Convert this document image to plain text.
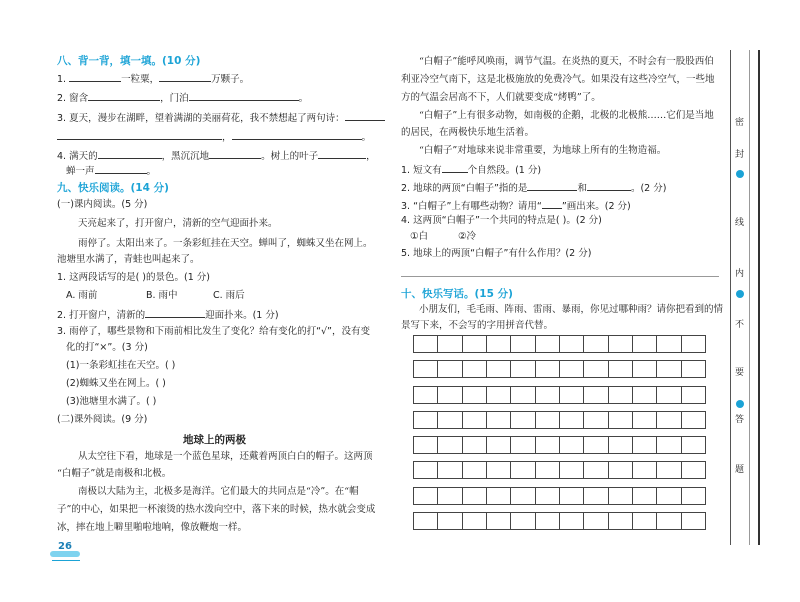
八、背一背，填一填。(10 分)
1.	一粒粟，	万颗子。
2. 窗含	，门泊	。
3. 夏天，漫步在湖畔，望着满湖的美丽荷花，我不禁想起了两句诗：
，	。
4. 满天的	，黑沉沉地	。树上的叶子	，
蝉一声	。
九、快乐阅读。(14 分)
(一)课内阅读。(5 分)
天亮起来了，打开窗户，清新的空气迎面扑来。
雨停了。太阳出来了。一条彩虹挂在天空。蝉叫了，蜘蛛又坐在网上。
池塘里水满了，青蛙也叫起来了。
1. 这两段话写的是( )的景色。(1 分)
A. 雨前	B. 雨中	C. 雨后
2. 打开窗户，清新的	迎面扑来。(1 分)
3. 雨停了，哪些景物和下雨前相比发生了变化？给有变化的打“√”，没有变
化的打“×”。(3 分)
(1)一条彩虹挂在天空。( )
(2)蜘蛛又坐在网上。( )
(3)池塘里水满了。( )
(二)课外阅读。(9 分)
地球上的两极
从太空往下看，地球是一个蓝色星球，还戴着两顶白白的帽子。这两顶
“白帽子”就是南极和北极。
南极以大陆为主，北极多是海洋。它们最大的共同点是“冷”。在“帽
子”的中心，如果把一杯滚烫的热水泼向空中，落下来的时候，热水就会变成
冰，摔在地上噼里啪啦地响，像放鞭炮一样。
26
“白帽子”能呼风唤雨，调节气温。在炎热的夏天，不时会有一股股西伯
利亚冷空气南下，这是北极施放的免费冷气。如果没有这些冷空气，一些地
方的气温会居高不下，人们就要变成“烤鸭”了。
“白帽子”上有很多动物，如南极的企鹅，北极的北极熊……它们是当地
的居民，在两极快乐地生活着。
“白帽子”对地球来说非常重要，为地球上所有的生物造福。
1. 短文有	个自然段。(1 分)
2. 地球的两顶“白帽子”指的是	和	。(2 分)
3. “白帽子”上有哪些动物？请用“ ”画出来。(2 分)
4. 这两顶“白帽子”一个共同的特点是( )。(2 分)
①白	②冷
5. 地球上的两顶“白帽子”有什么作用？(2 分)
十、快乐写话。(15 分)
小朋友们，毛毛雨、阵雨、雷雨、暴雨，你见过哪种雨？请你把看到的情
景写下来，不会写的字用拼音代替。
密
封
线
内
不
要
答
题
